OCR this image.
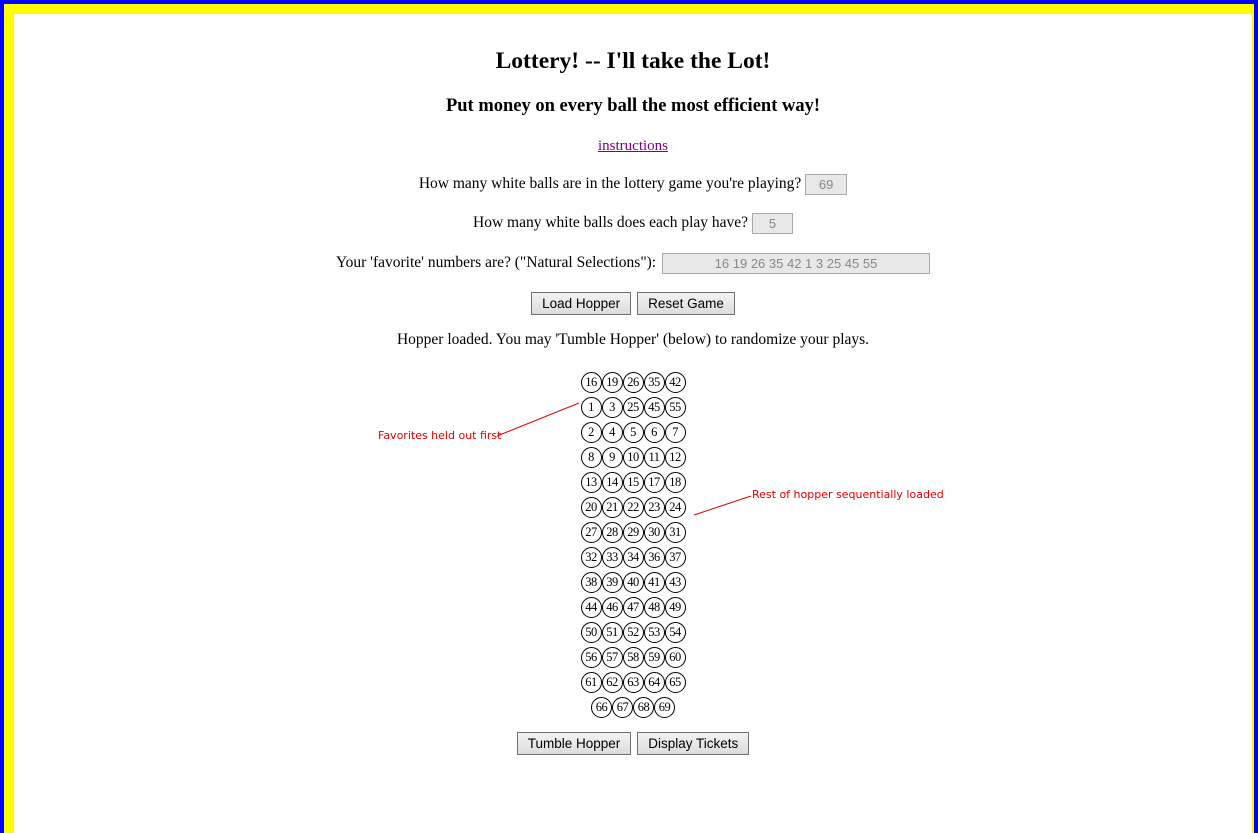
Lottery! -- I'll take the Lot!
Put money on every ball the most efficient way!
instructions
How many white balls are in the lottery game you're playing? 69
How many white balls does each play have? 5
Your 'favorite' numbers are? ("Natural Selections"):	16 19 26 35 42 1 3 25 45 55
Load Hopper Reset Game
Hopper loaded. You may 'Tumble Hopper' (below) to randomize your plays.
16 19 26 35 42
1 3 25 45 55
2 4 5 6 7
8 9 10 11 12
13 14 15 17 18
20 21 22 23 24
27 28 29 30 31
32 33 34 36 37
38 39 40 41 43
44 46 47 48 49
50 51 52 53 54
56 57 58 59 60
61 62 63 64 65
66 67 68 69
Tumble Hopper Display Tickets
Favorites held out first
Rest of hopper sequentially loaded
